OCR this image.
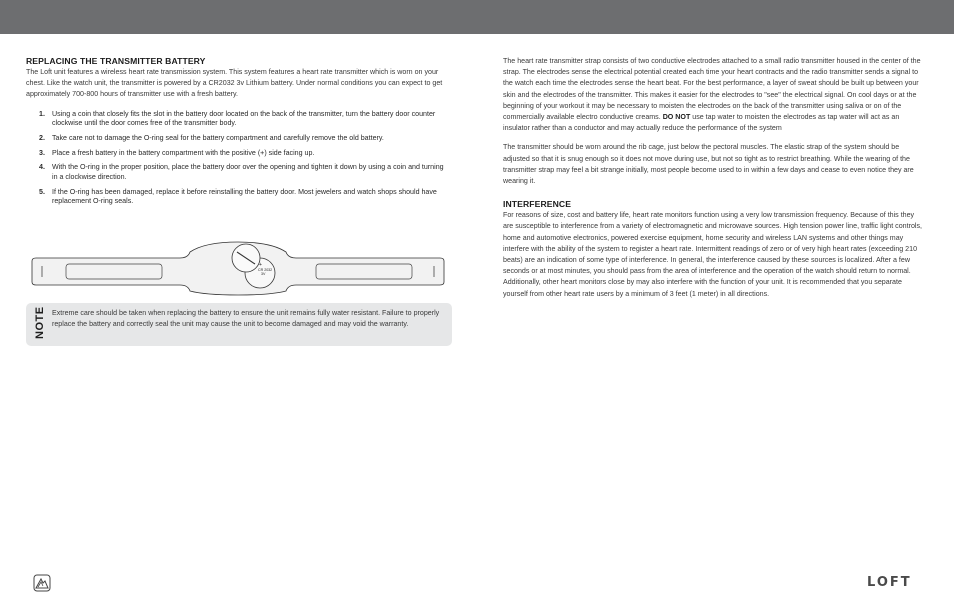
REPLACING THE TRANSMITTER BATTERY

The Loft unit features a wireless heart rate transmission system. This system features a heart rate transmitter which is worn on your chest. Like the watch unit, the transmitter is powered by a CR2032 3v Lithium battery. Under normal conditions you can expect to get approximately 700-800 hours of transmitter use with a fresh battery.

1. Using a coin that closely fits the slot in the battery door located on the back of the transmitter, turn the battery door counter clockwise until the door comes free of the transmitter body.
2. Take care not to damage the O-ring seal for the battery compartment and carefully remove the old battery.
3. Place a fresh battery in the battery compartment with the positive (+) side facing up.
4. With the O-ring in the proper position, place the battery door over the opening and tighten it down by using a coin and turning in a clockwise direction.
5. If the O-ring has been damaged, replace it before reinstalling the battery door. Most jewelers and watch shops should have replacement O-ring seals.
+
CR 2032
3V
NOTE Extreme care should be taken when replacing the battery to ensure the unit remains fully water resistant. Failure to properly replace the battery and correctly seal the unit may cause the unit to become damaged and may void the warranty.

The heart rate transmitter strap consists of two conductive electrodes attached to a small radio transmitter housed in the center of the strap. The electrodes sense the electrical potential created each time your heart contracts and the radio transmitter sends a signal to the watch each time the electrodes sense the heart beat. For the best performance, a layer of sweat should be built up between your skin and the electrodes of the transmitter. This makes it easier for the electrodes to "see" the electrical signal. On cool days or at the beginning of your workout it may be necessary to moisten the electrodes on the back of the transmitter using saliva or on of the commercially available electro conductive creams. DO NOT use tap water to moisten the electrodes as tap water will act as an insulator rather than a conductor and may actually reduce the performance of the system

The transmitter should be worn around the rib cage, just below the pectoral muscles. The elastic strap of the system should be adjusted so that it is snug enough so it does not move during use, but not so tight as to restrict breathing. While the wearing of the transmitter strap may feel a bit strange initially, most people become used to in within a few days and cease to even notice they are wearing it.

INTERFERENCE

For reasons of size, cost and battery life, heart rate monitors function using a very low transmission frequency. Because of this they are susceptible to interference from a variety of electromagnetic and microwave sources. High tension power line, traffic light controls, home and automotive electronics, powered exercise equipment, home security and wireless LAN systems and other things may interfere with the ability of the system to register a heart rate. Intermittent readings of zero or of very high heart rates (exceeding 210 beats) are an indication of some type of interference. In general, the interference caused by these sources is localized. After a few seconds or at most minutes, you should pass from the area of interference and the operation of the watch should return to normal. Additionally, other heart monitors close by may also interfere with the function of your unit. It is recommended that you separate yourself from other heart rate users by a minimum of 3 feet (1 meter) in all directions.

LOFT
